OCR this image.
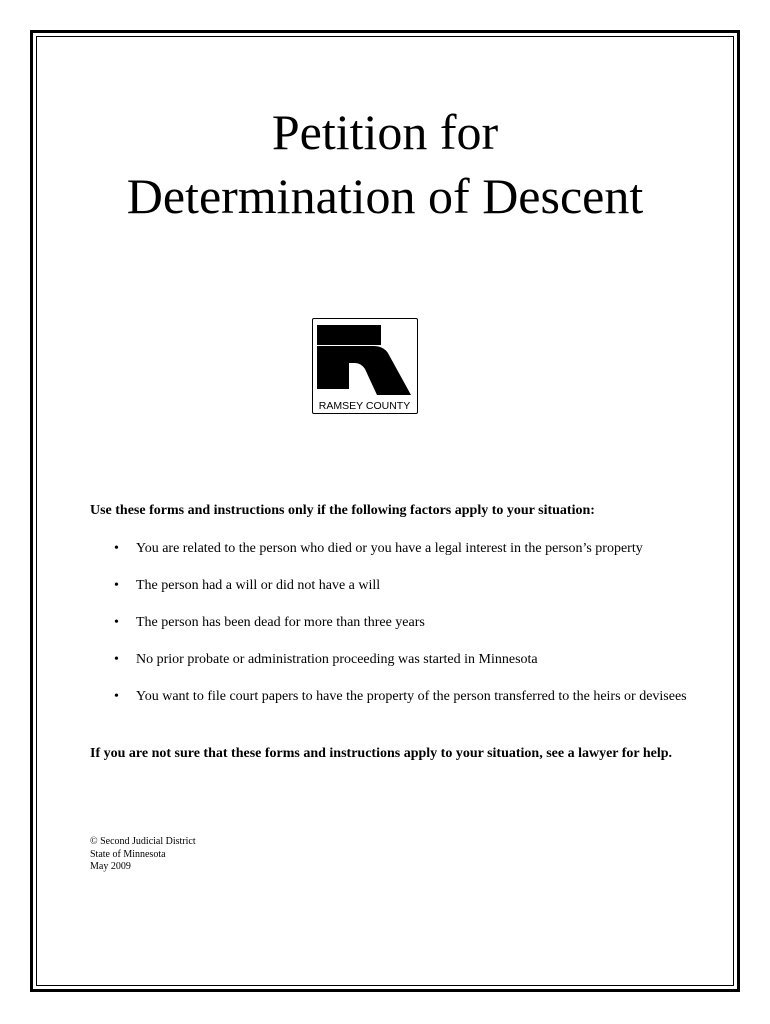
Petition for
Determination of Descent
RAMSEY COUNTY

Use these forms and instructions only if the following factors apply to your situation:

• You are related to the person who died or you have a legal interest in the person’s property
• The person had a will or did not have a will
• The person has been dead for more than three years
• No prior probate or administration proceeding was started in Minnesota
• You want to file court papers to have the property of the person transferred to the heirs or devisees

If you are not sure that these forms and instructions apply to your situation, see a lawyer for help.

© Second Judicial District
State of Minnesota
May 2009
